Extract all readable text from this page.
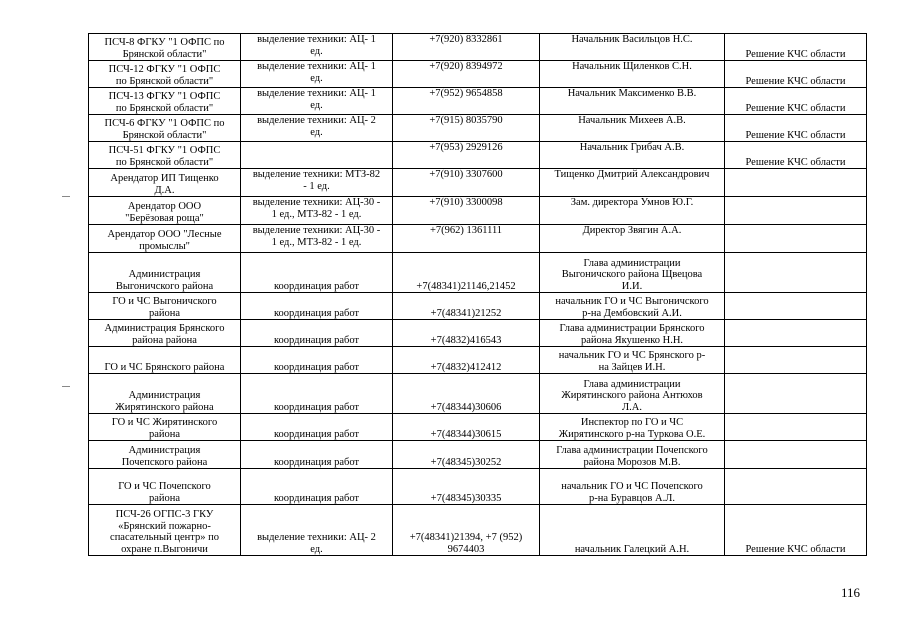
ПСЧ-8 ФГКУ "1 ОФПС по
Брянской области"	выделение техники: АЦ- 1
ед.	+7(920) 8332861	Начальник Васильцов Н.С.	Решение КЧС области

ПСЧ-12 ФГКУ "1 ОФПС
по Брянской области"	выделение техники: АЦ- 1
ед.	+7(920) 8394972	Начальник Щиленков С.Н.	Решение КЧС области

ПСЧ-13 ФГКУ "1 ОФПС
по Брянской области"	выделение техники: АЦ- 1
ед.	+7(952) 9654858	Начальник Максименко В.В.	Решение КЧС области

ПСЧ-6 ФГКУ "1 ОФПС по
Брянской области"	выделение техники: АЦ- 2
ед.	+7(915) 8035790	Начальник Михеев А.В.	Решение КЧС области

ПСЧ-51 ФГКУ "1 ОФПС
по Брянской области"		+7(953) 2929126	Начальник Грибач А.В.	Решение КЧС области

Арендатор ИП Тищенко
Д.А.	выделение техники: МТЗ-82
- 1 ед.	+7(910) 3307600	Тищенко Дмитрий Александрович	

Арендатор ООО
"Берёзовая роща"	выделение техники: АЦ-30 -
1 ед., МТЗ-82 - 1 ед.	+7(910) 3300098	Зам. директора Умнов Ю.Г.	

Арендатор ООО "Лесные
промыслы"	выделение техники: АЦ-30 -
1 ед., МТЗ-82 - 1 ед.	+7(962) 1361111	Директор Звягин А.А.	

Администрация
Выгоничского района	координация работ	+7(48341)21146,21452	Глава администрации
Выгоничского района Щвецова
И.И.	

ГО и ЧС Выгоничского
района	координация работ	+7(48341)21252	начальник ГО и ЧС Выгоничского
р-на Дембовский А.И.	

Администрация Брянского
района района	координация работ	+7(4832)416543	Глава администрации Брянского
района Якушенко Н.Н.	

ГО и ЧС Брянского района	координация работ	+7(4832)412412	начальник ГО и ЧС Брянского р-
на Зайцев И.Н.	

Администрация
Жирятинского района	координация работ	+7(48344)30606	Глава администрации
Жирятинского района Антюхов
Л.А.	

ГО и ЧС Жирятинского
района	координация работ	+7(48344)30615	Инспектор по ГО и ЧС
Жирятинского р-на Туркова О.Е.	

Администрация
Почепского района	координация работ	+7(48345)30252	Глава администрации Почепского
района Морозов М.В.	

ГО и ЧС Почепского
района	координация работ	+7(48345)30335	начальник ГО и ЧС Почепского
р-на Буравцов А.Л.	

ПСЧ-26 ОГПС-3 ГКУ
«Брянский пожарно-
спасательный центр» по
охране п.Выгоничи	выделение техники: АЦ- 2
ед.	+7(48341)21394, +7 (952)
9674403	начальник Галецкий А.Н.	Решение КЧС области
116
